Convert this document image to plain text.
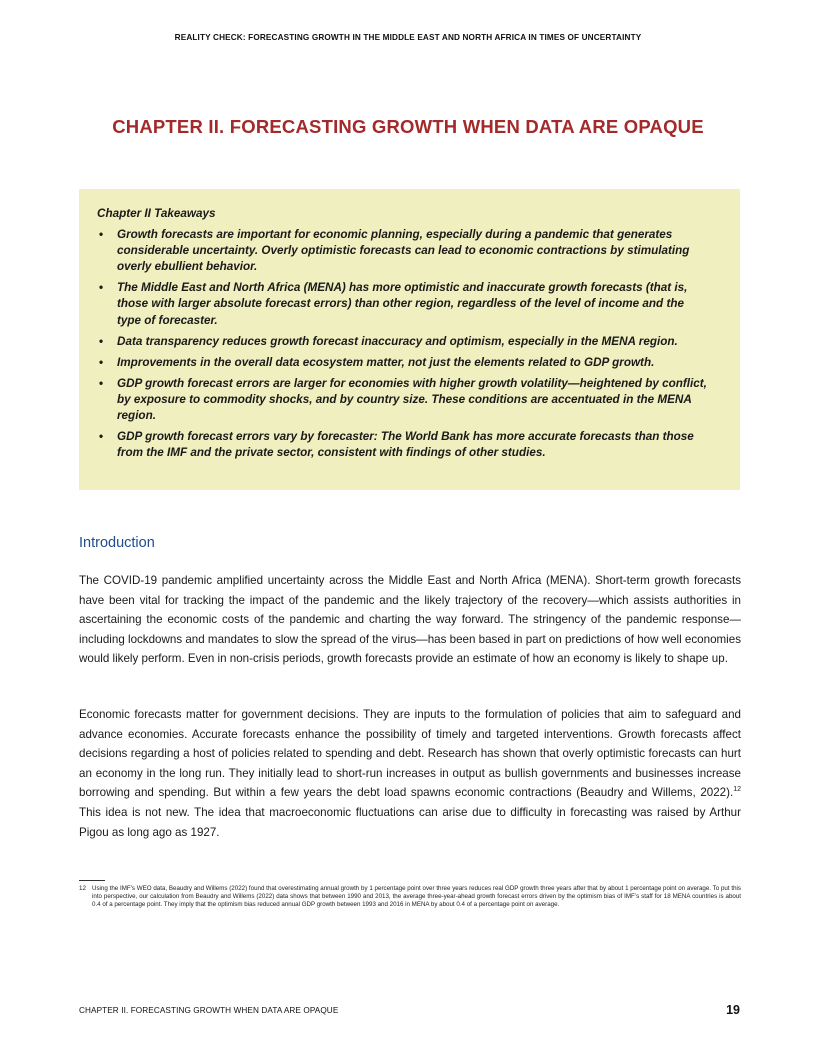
REALITY CHECK: FORECASTING GROWTH IN THE MIDDLE EAST AND NORTH AFRICA IN TIMES OF UNCERTAINTY
CHAPTER II. FORECASTING GROWTH WHEN DATA ARE OPAQUE
Chapter II Takeaways
• Growth forecasts are important for economic planning, especially during a pandemic that generates considerable uncertainty. Overly optimistic forecasts can lead to economic contractions by stimulating overly ebullient behavior.
• The Middle East and North Africa (MENA) has more optimistic and inaccurate growth forecasts (that is, those with larger absolute forecast errors) than other region, regardless of the level of income and the type of forecaster.
• Data transparency reduces growth forecast inaccuracy and optimism, especially in the MENA region.
• Improvements in the overall data ecosystem matter, not just the elements related to GDP growth.
• GDP growth forecast errors are larger for economies with higher growth volatility—heightened by conflict, by exposure to commodity shocks, and by country size. These conditions are accentuated in the MENA region.
• GDP growth forecast errors vary by forecaster: The World Bank has more accurate forecasts than those from the IMF and the private sector, consistent with findings of other studies.
Introduction

The COVID-19 pandemic amplified uncertainty across the Middle East and North Africa (MENA). Short-term growth forecasts have been vital for tracking the impact of the pandemic and the likely trajectory of the recovery—which assists authorities in ascertaining the economic costs of the pandemic and charting the way forward. The stringency of the pandemic response—including lockdowns and mandates to slow the spread of the virus—has been based in part on predictions of how well economies would likely perform. Even in non-crisis periods, growth forecasts provide an estimate of how an economy is likely to shape up.

Economic forecasts matter for government decisions. They are inputs to the formulation of policies that aim to safeguard and advance economies. Accurate forecasts enhance the possibility of timely and targeted interventions. Growth forecasts affect decisions regarding a host of policies related to spending and debt. Research has shown that overly optimistic forecasts can hurt an economy in the long run. They initially lead to short-run increases in output as bullish governments and businesses increase borrowing and spending. But within a few years the debt load spawns economic contractions (Beaudry and Willems, 2022).$^{12}$ This idea is not new. The idea that macroeconomic fluctuations can arise due to difficulty in forecasting was raised by Arthur Pigou as long ago as 1927.

12 Using the IMF’s WEO data, Beaudry and Willems (2022) found that overestimating annual growth by 1 percentage point over three years reduces real GDP growth three years after that by about 1 percentage point on average. To put this into perspective, our calculation from Beaudry and Willems (2022) data shows that between 1990 and 2013, the average three-year-ahead growth forecast errors driven by the optimism bias of IMF’s staff for 18 MENA countries is about 0.4 of a percentage point. They imply that the optimism bias reduced annual GDP growth between 1993 and 2016 in MENA by about 0.4 of a percentage point on average.
CHAPTER II. FORECASTING GROWTH WHEN DATA ARE OPAQUE	19
